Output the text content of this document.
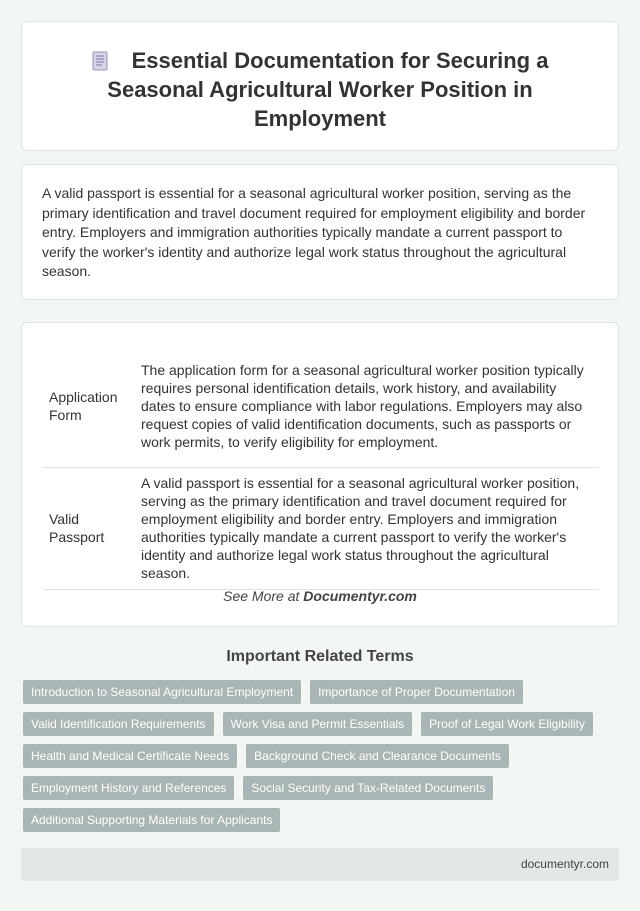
Essential Documentation for Securing a Seasonal Agricultural Worker Position in Employment

A valid passport is essential for a seasonal agricultural worker position, serving as the primary identification and travel document required for employment eligibility and border entry. Employers and immigration authorities typically mandate a current passport to verify the worker's identity and authorize legal work status throughout the agricultural season.

Application Form	The application form for a seasonal agricultural worker position typically requires personal identification details, work history, and availability dates to ensure compliance with labor regulations. Employers may also request copies of valid identification documents, such as passports or work permits, to verify eligibility for employment.
Valid Passport	A valid passport is essential for a seasonal agricultural worker position, serving as the primary identification and travel document required for employment eligibility and border entry. Employers and immigration authorities typically mandate a current passport to verify the worker's identity and authorize legal work status throughout the agricultural season.
See More at Documentyr.com
Important Related Terms
Introduction to Seasonal Agricultural Employment	Importance of Proper Documentation
Valid Identification Requirements	Work Visa and Permit Essentials	Proof of Legal Work Eligibility
Health and Medical Certificate Needs	Background Check and Clearance Documents
Employment History and References	Social Security and Tax-Related Documents
Additional Supporting Materials for Applicants
documentyr.com
